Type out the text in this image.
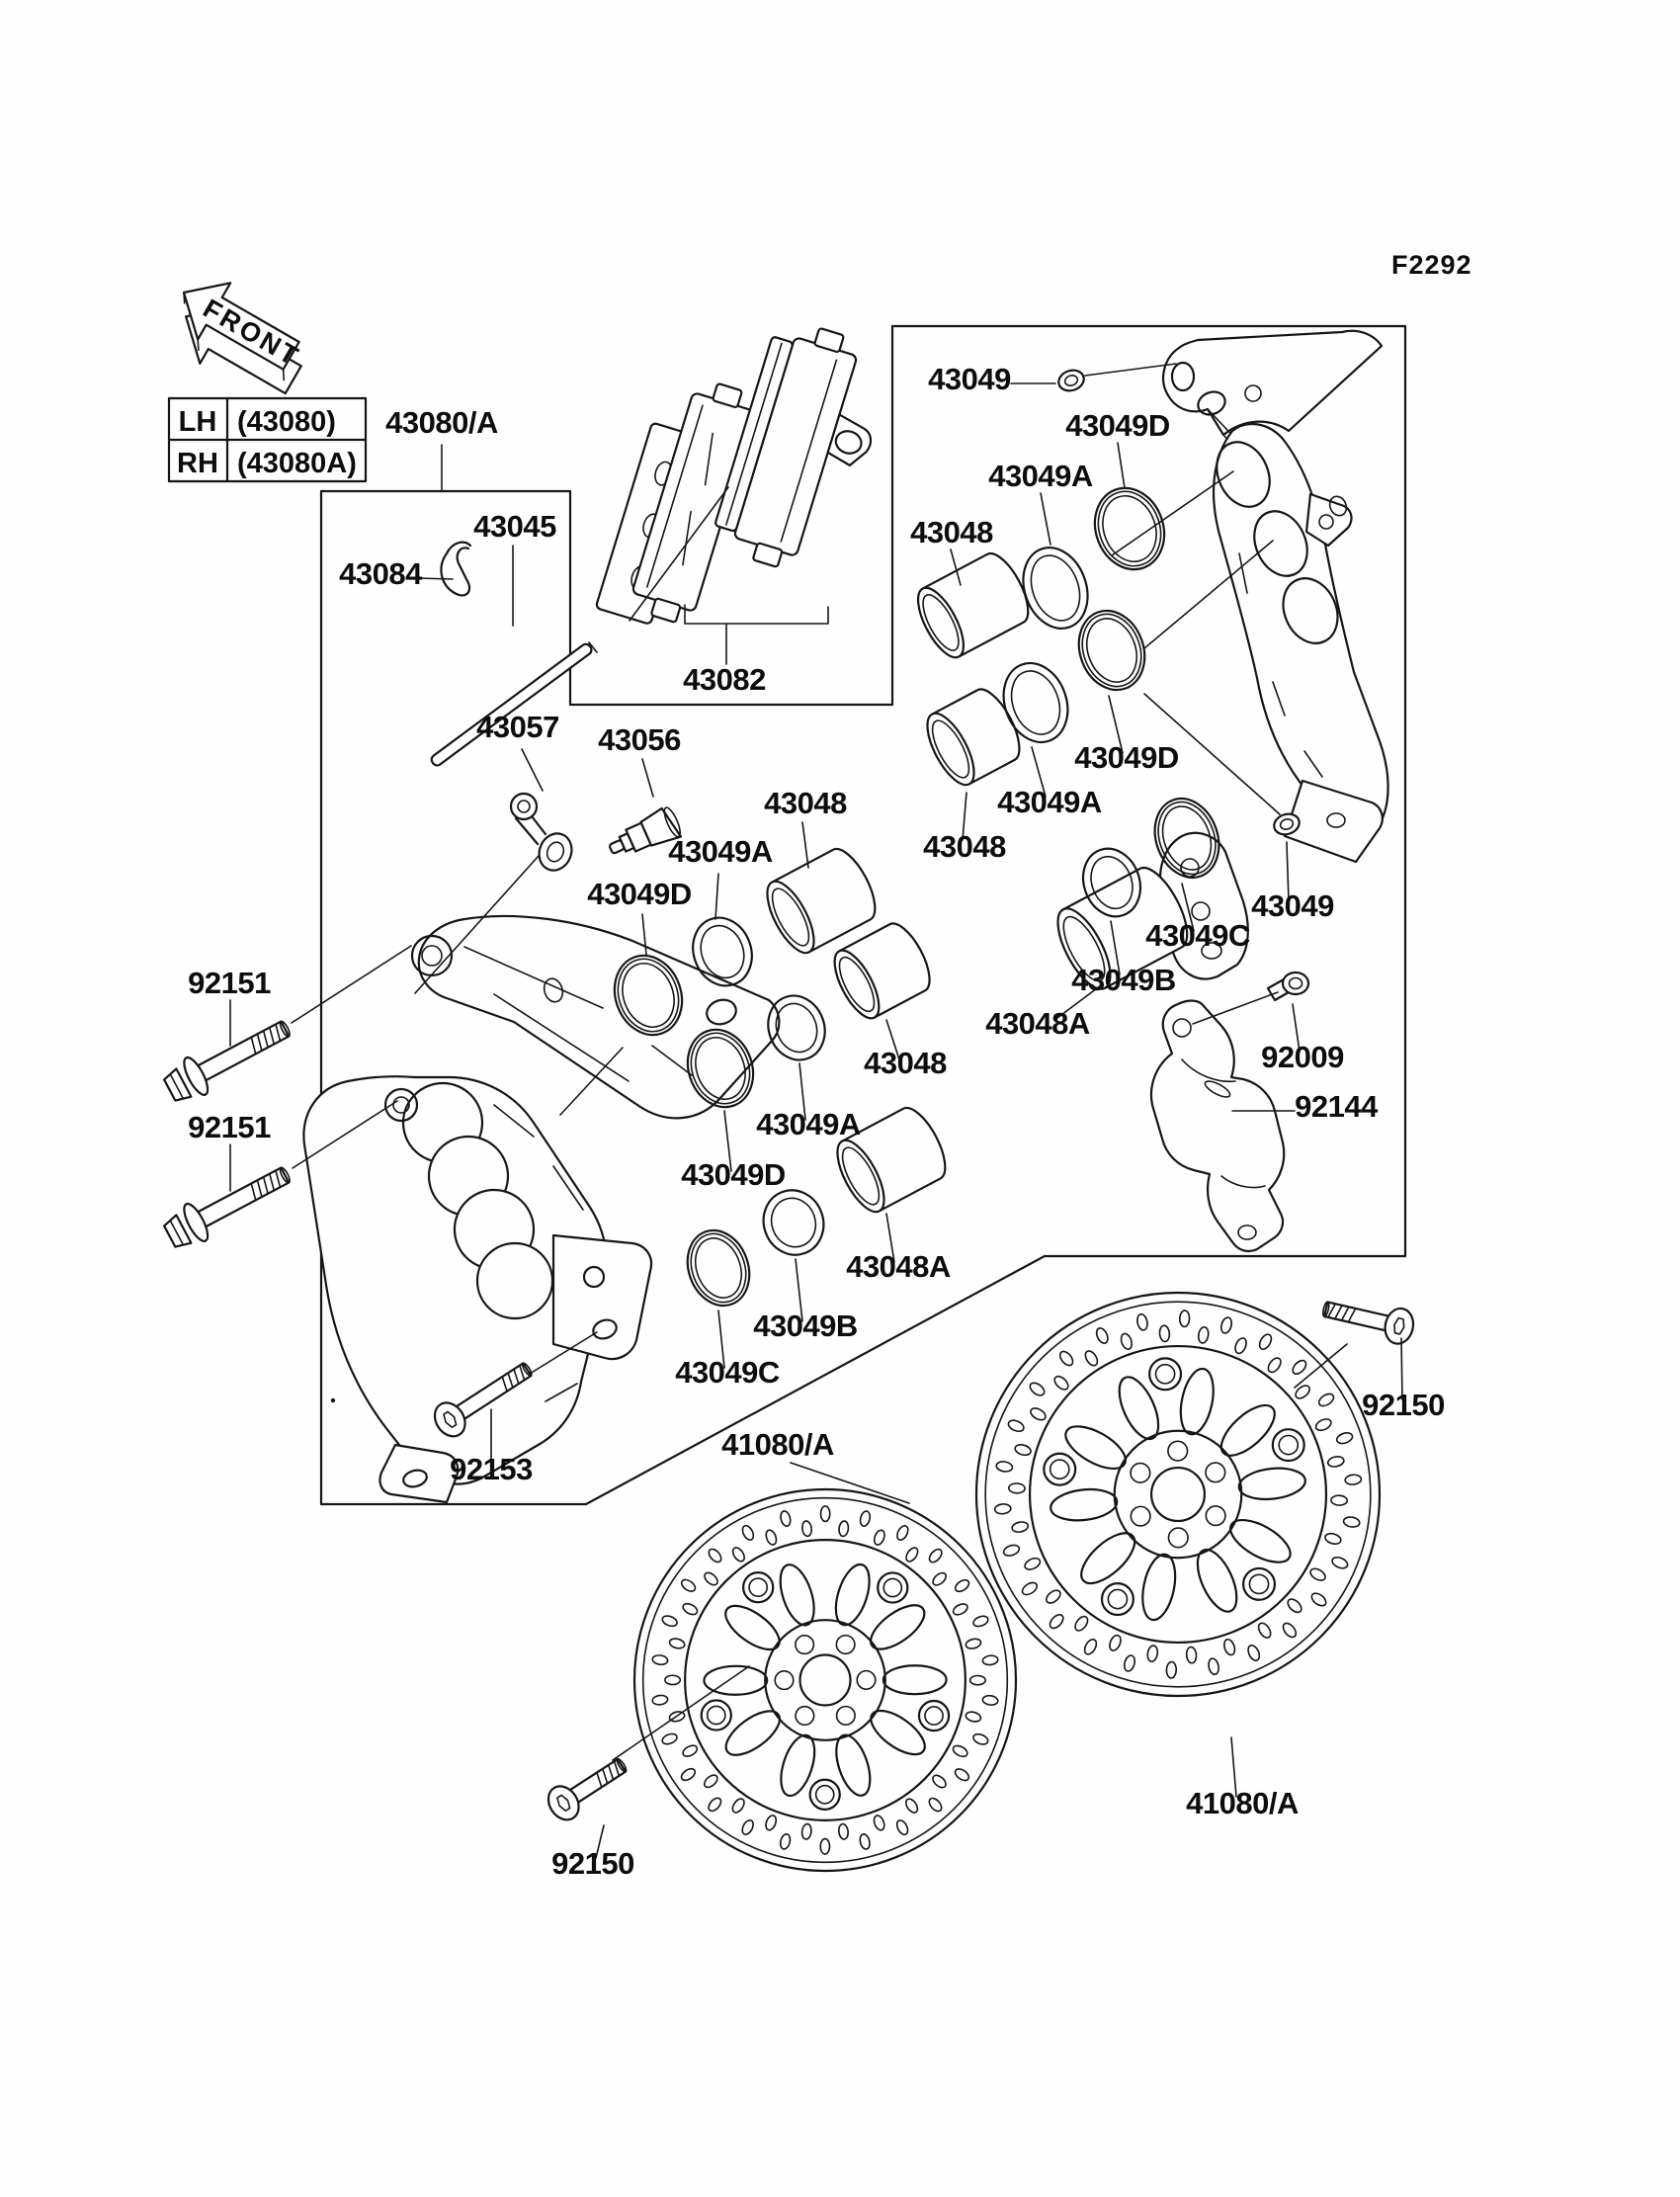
F2292
FRONT
LH (43080)
RH (43080A)
43080/A
43045
43084
43082
43057 43056
43048
43049A
43049D
43049D
43049A
43048
43048A
43049B
43049C
43049
43049D
43049A
43048
43048
43049D
43049A
43048A
43049C
43049B
43049
92009
92144
92151
92151
92153
41080/A
41080/A
92150
92150
